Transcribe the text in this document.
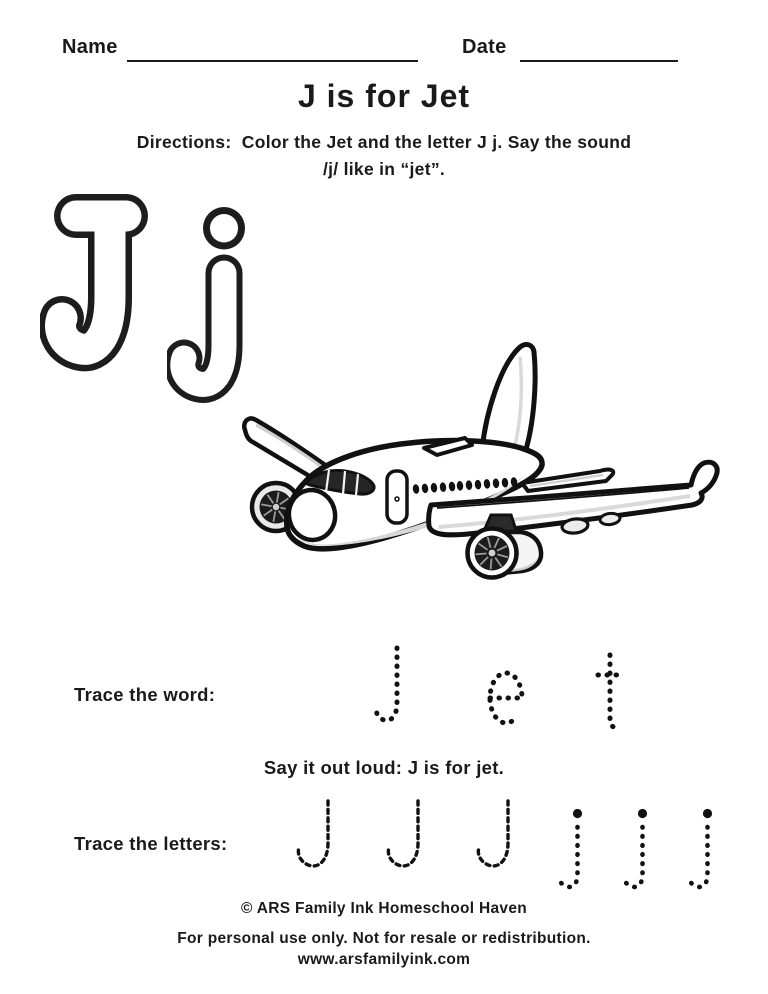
Name	Date
J is for Jet
Directions:  Color the Jet and the letter J j. Say the sound
/j/ like in “jet”.
Trace the word:
Say it out loud: J is for jet.
Trace the letters:
© ARS Family Ink Homeschool Haven
For personal use only. Not for resale or redistribution.
www.arsfamilyink.com
